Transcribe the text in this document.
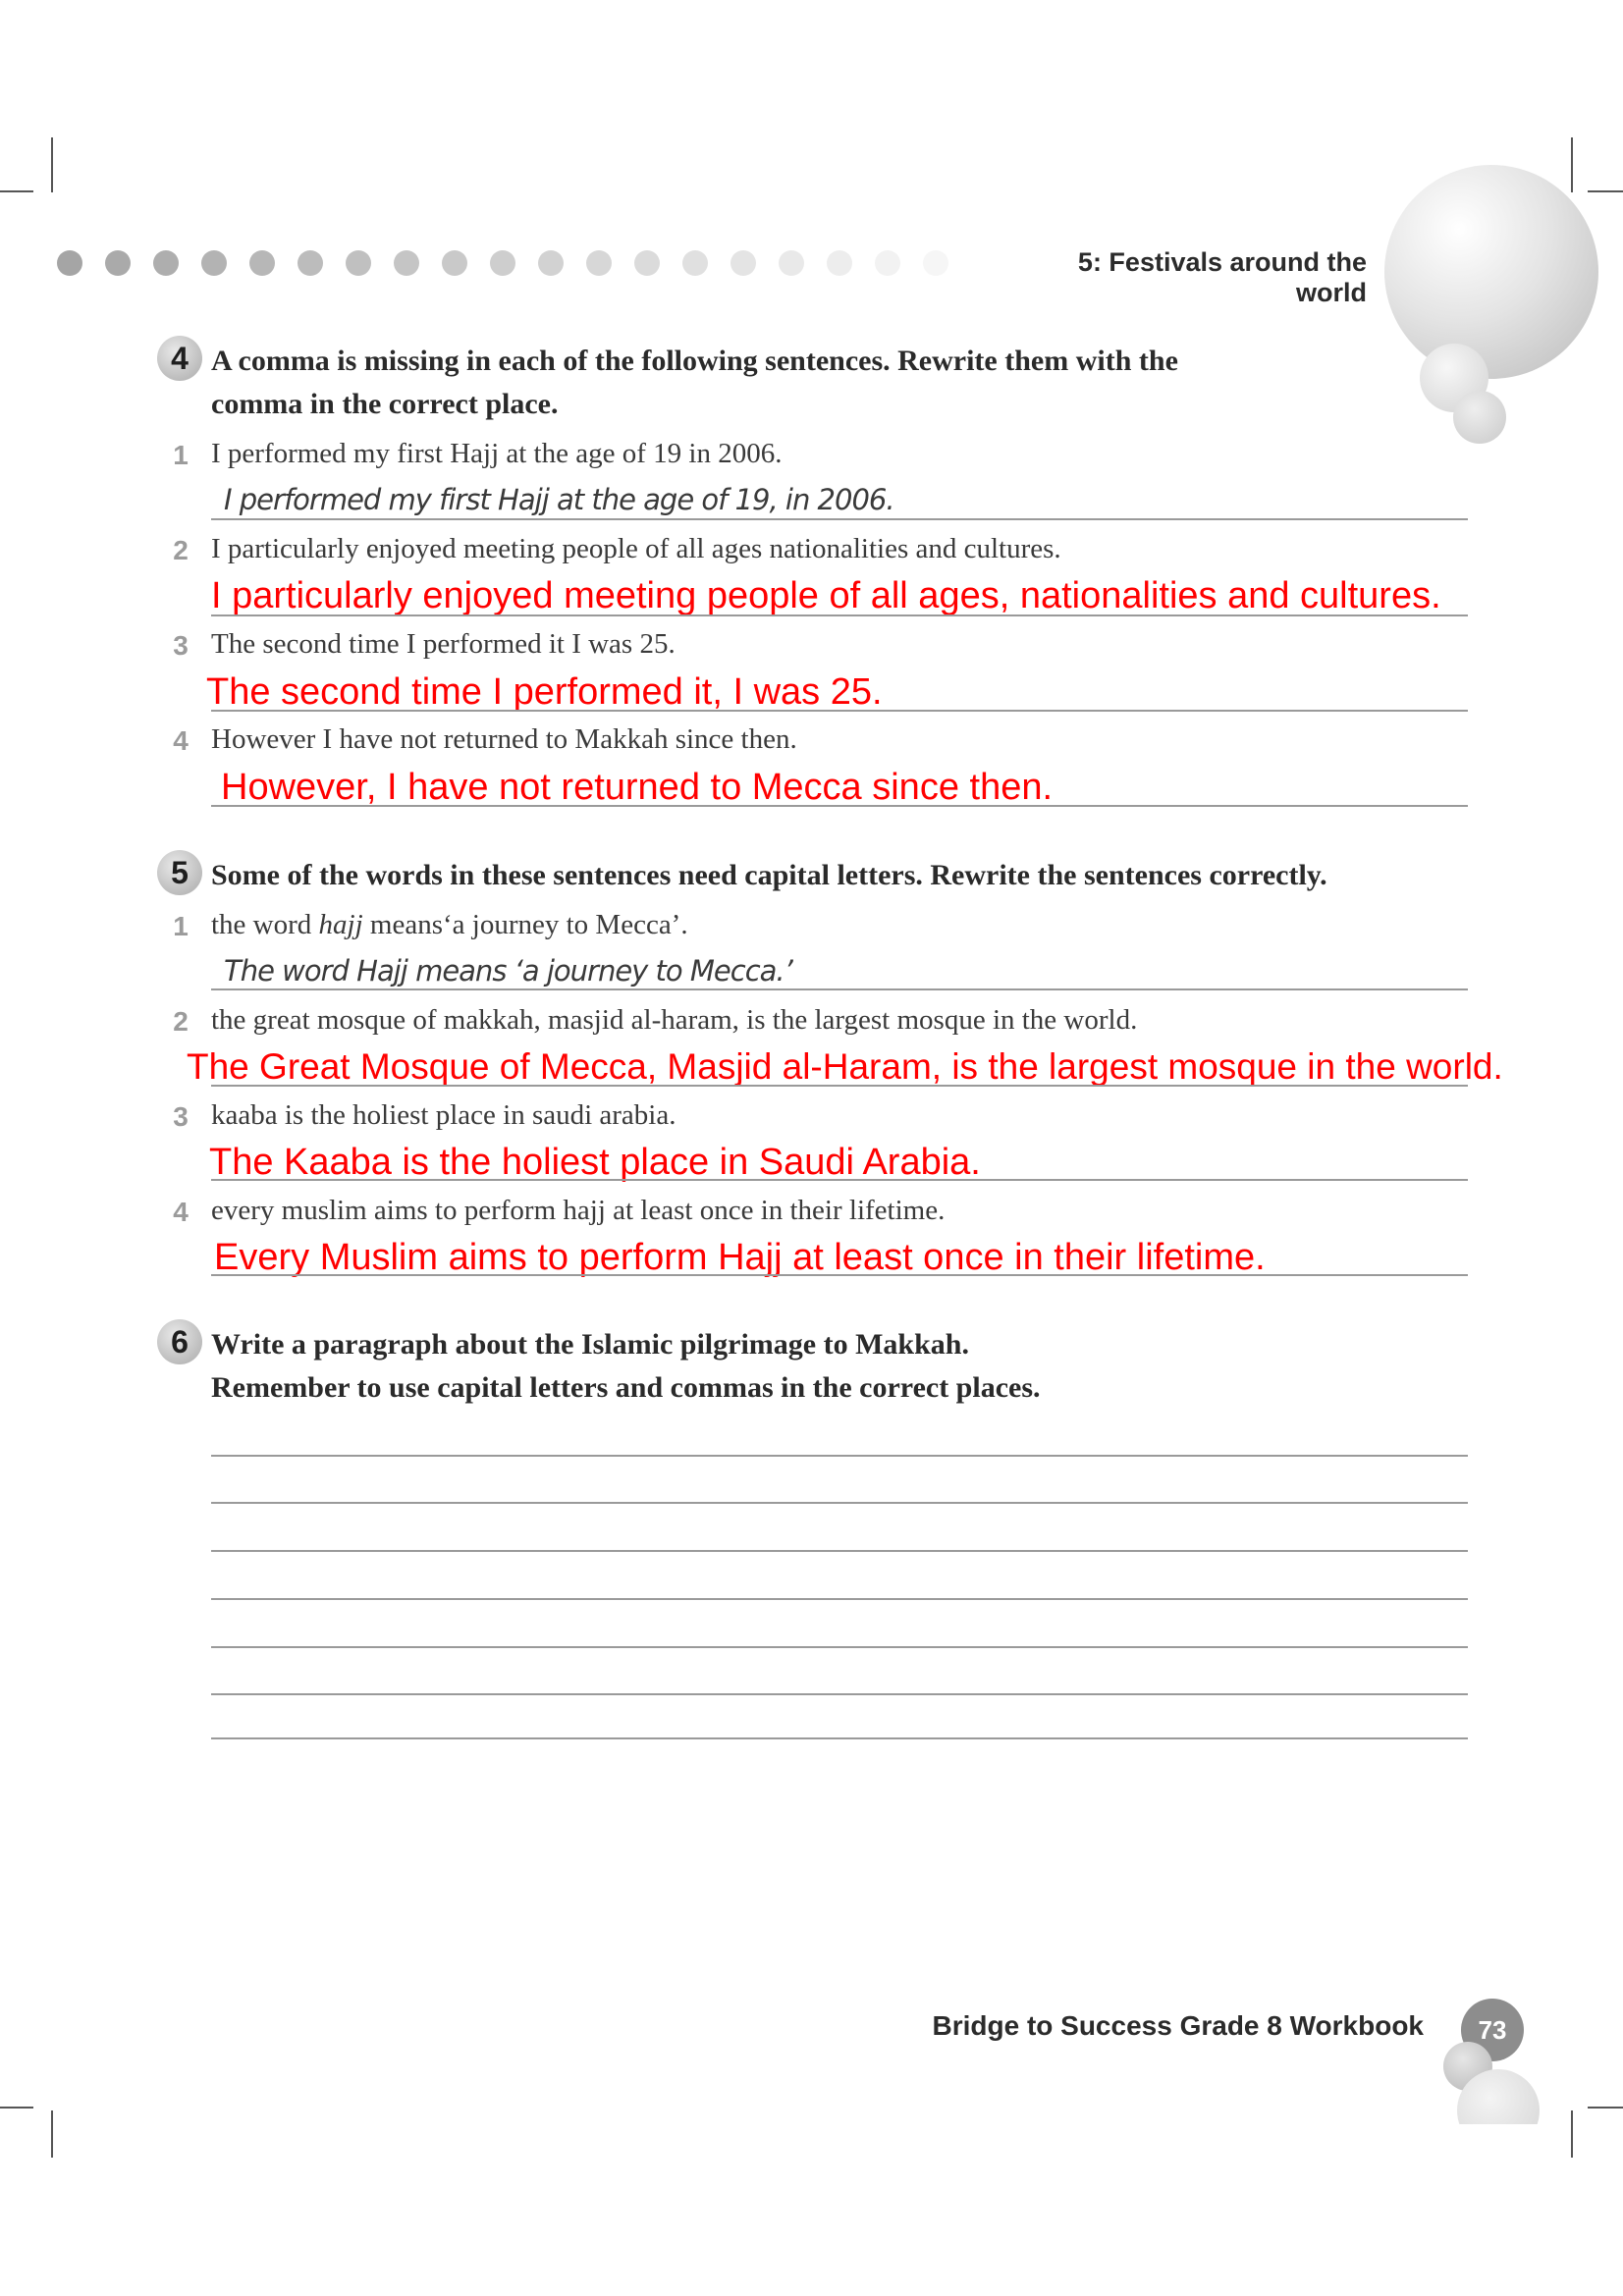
5: Festivals around the world
4 A comma is missing in each of the following sentences. Rewrite them with the
comma in the correct place.
1 I performed my first Hajj at the age of 19 in 2006.
I performed my first Hajj at the age of 19, in 2006.
2 I particularly enjoyed meeting people of all ages nationalities and cultures.
I particularly enjoyed meeting people of all ages, nationalities and cultures.
3 The second time I performed it I was 25.
The second time I performed it, I was 25.
4 However I have not returned to Makkah since then.
However, I have not returned to Mecca since then.
5 Some of the words in these sentences need capital letters. Rewrite the sentences correctly.
1 the word hajj means‘a journey to Mecca’.
The word Hajj means ‘a journey to Mecca.’
2 the great mosque of makkah, masjid al-haram, is the largest mosque in the world.
The Great Mosque of Mecca, Masjid al-Haram, is the largest mosque in the world.
3 kaaba is the holiest place in saudi arabia.
The Kaaba is the holiest place in Saudi Arabia.
4 every muslim aims to perform hajj at least once in their lifetime.
Every Muslim aims to perform Hajj at least once in their lifetime.
6 Write a paragraph about the Islamic pilgrimage to Makkah.
Remember to use capital letters and commas in the correct places.
Bridge to Success Grade 8 Workbook	73
